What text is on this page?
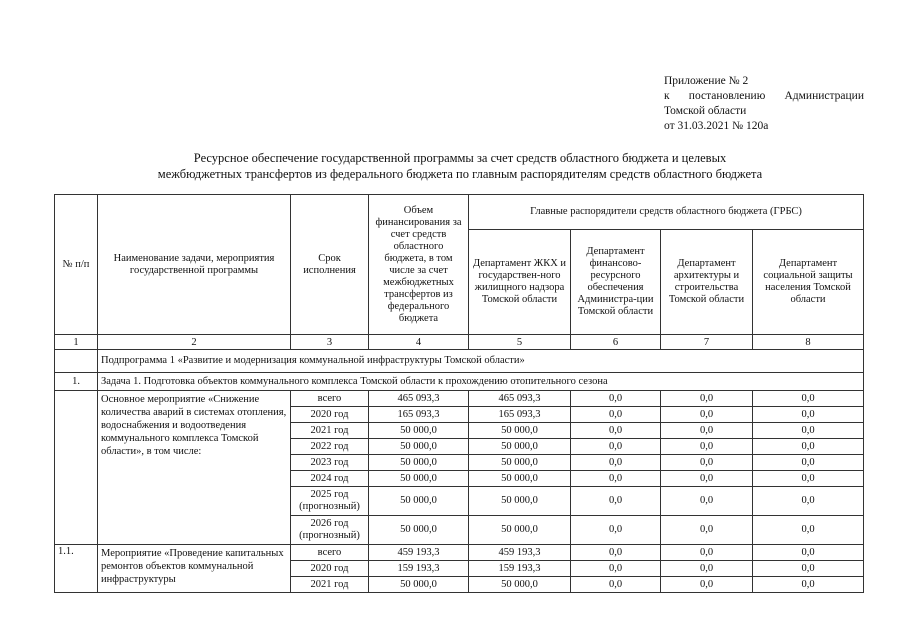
Приложение № 2
к постановлению Администрации
Томской области
от 31.03.2021 № 120а
Ресурсное обеспечение государственной программы за счет средств областного бюджета и целевых
межбюджетных трансфертов из федерального бюджета по главным распорядителям средств областного бюджета
№ п/п	Наименование задачи, мероприятия государственной программы	Срок исполнения	Объем финансирования за счет средств областного бюджета, в том числе за счет межбюджетных трансфертов из федерального бюджета	Главные распорядители средств областного бюджета (ГРБС)			
				Департамент ЖКХ и государствен-ного жилищного надзора Томской области	Департамент финансово-ресурсного обеспечения Администра-ции Томской области	Департамент архитектуры и строительства Томской области	Департамент социальной защиты населения Томской области
1	2	3	4	5	6	7	8
	Подпрограмма 1 «Развитие и модернизация коммунальной инфраструктуры Томской области»						
1.	Задача 1. Подготовка объектов коммунального комплекса Томской области к прохождению отопительного сезона						
	Основное мероприятие «Снижение количества аварий в системах отопления, водоснабжения и водоотведения коммунального комплекса Томской области», в том числе:	всего	465 093,3	465 093,3	0,0	0,0	0,0
		2020 год	165 093,3	165 093,3	0,0	0,0	0,0
		2021 год	50 000,0	50 000,0	0,0	0,0	0,0
		2022 год	50 000,0	50 000,0	0,0	0,0	0,0
		2023 год	50 000,0	50 000,0	0,0	0,0	0,0
		2024 год	50 000,0	50 000,0	0,0	0,0	0,0
		2025 год (прогнозный)	50 000,0	50 000,0	0,0	0,0	0,0
		2026 год (прогнозный)	50 000,0	50 000,0	0,0	0,0	0,0
1.1.	Мероприятие «Проведение капитальных ремонтов объектов коммунальной инфраструктуры	всего	459 193,3	459 193,3	0,0	0,0	0,0
		2020 год	159 193,3	159 193,3	0,0	0,0	0,0
		2021 год	50 000,0	50 000,0	0,0	0,0	0,0
